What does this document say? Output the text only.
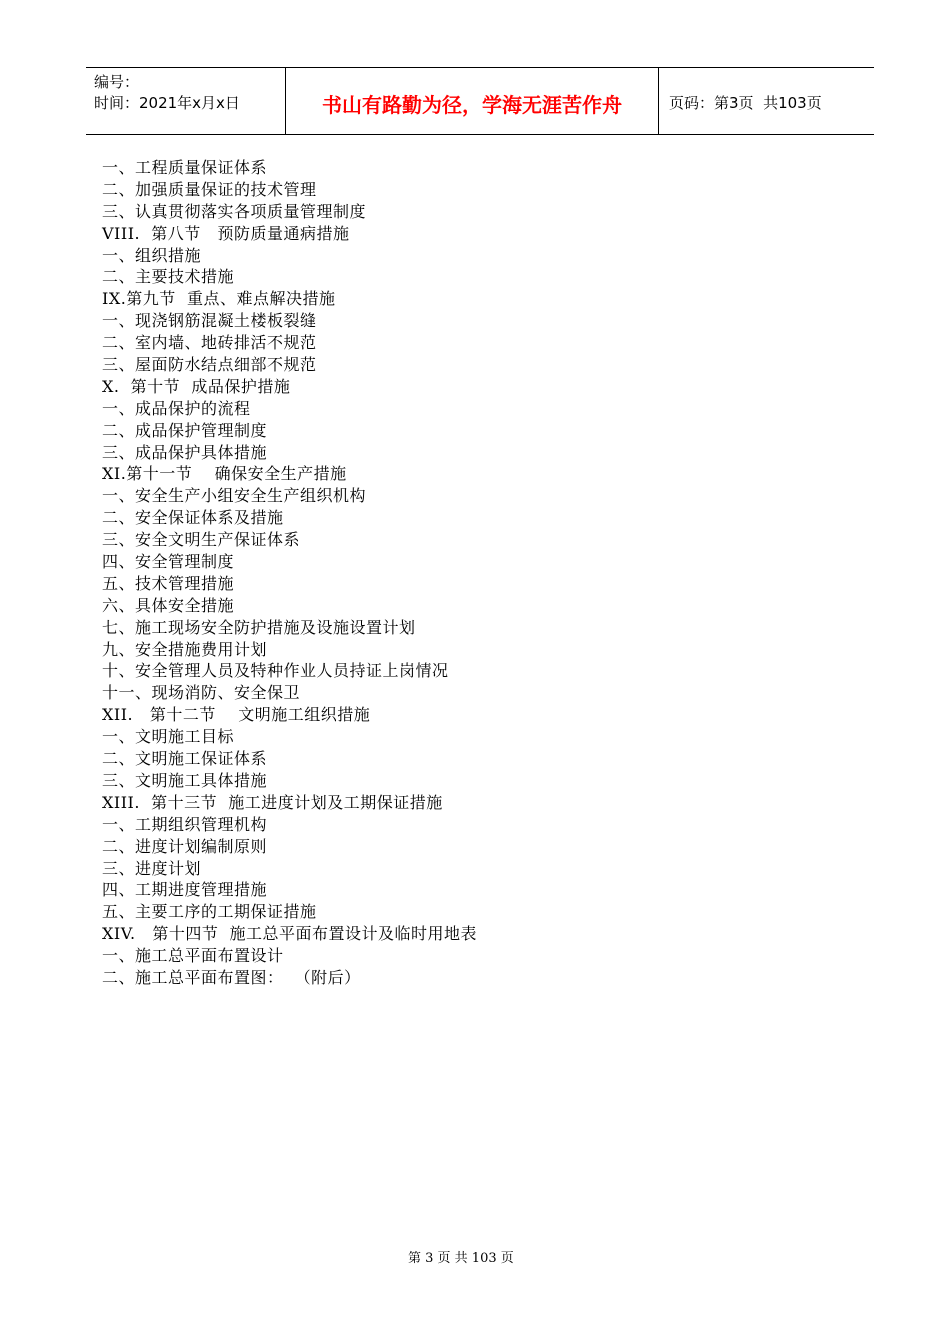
编号：
时间：2021年x月x日	书山有路勤为径，学海无涯苦作舟	页码：第3页  共103页
一、工程质量保证体系
二、加强质量保证的技术管理
三、认真贯彻落实各项质量管理制度
VIII.  第八节   预防质量通病措施
一、组织措施
二、主要技术措施
IX.第九节  重点、难点解决措施
一、现浇钢筋混凝土楼板裂缝
二、室内墙、地砖排活不规范
三、屋面防水结点细部不规范
X.  第十节  成品保护措施
一、成品保护的流程
二、成品保护管理制度
三、成品保护具体措施
XI.第十一节    确保安全生产措施
一、安全生产小组安全生产组织机构
二、安全保证体系及措施
三、安全文明生产保证体系
四、安全管理制度
五、技术管理措施
六、具体安全措施
七、施工现场安全防护措施及设施设置计划
九、安全措施费用计划
十、安全管理人员及特种作业人员持证上岗情况
十一、现场消防、安全保卫
XII.   第十二节    文明施工组织措施
一、文明施工目标
二、文明施工保证体系
三、文明施工具体措施
XIII.  第十三节  施工进度计划及工期保证措施
一、工期组织管理机构
二、进度计划编制原则
三、进度计划
四、工期进度管理措施
五、主要工序的工期保证措施
XIV.   第十四节  施工总平面布置设计及临时用地表
一、施工总平面布置设计
二、施工总平面布置图：  （附后）
第 3 页 共 103 页
